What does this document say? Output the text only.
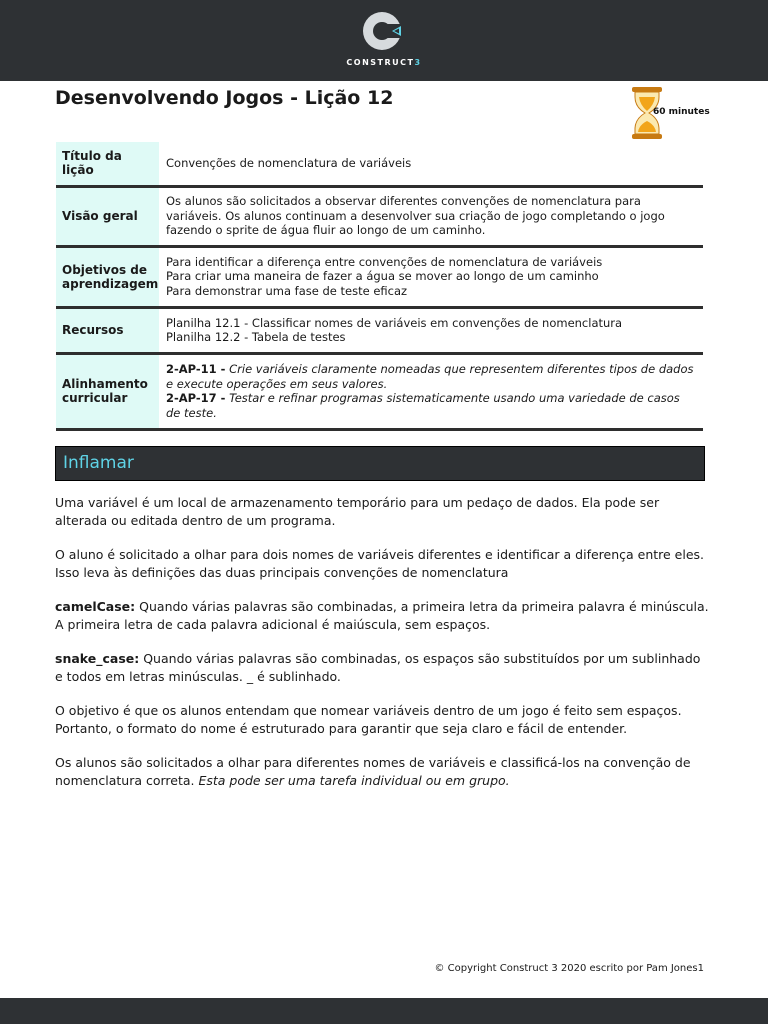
CONSTRUCT3
Desenvolvendo Jogos - Lição 12
60 minutes
Título da lição	Convenções de nomenclatura de variáveis

Visão geral	Os alunos são solicitados a observar diferentes convenções de nomenclatura para variáveis. Os alunos continuam a desenvolver sua criação de jogo completando o jogo fazendo o sprite de água fluir ao longo de um caminho.

Objetivos de aprendizagem	Para identificar a diferença entre convenções de nomenclatura de variáveis
Para criar uma maneira de fazer a água se mover ao longo de um caminho
Para demonstrar uma fase de teste eficaz

Recursos	Planilha 12.1 - Classificar nomes de variáveis em convenções de nomenclatura
Planilha 12.2 - Tabela de testes

Alinhamento curricular	2-AP-11 - Crie variáveis claramente nomeadas que representem diferentes tipos de dados e execute operações em seus valores.
2-AP-17 - Testar e refinar programas sistematicamente usando uma variedade de casos de teste.
Inflamar

Uma variável é um local de armazenamento temporário para um pedaço de dados. Ela pode ser alterada ou editada dentro de um programa.

O aluno é solicitado a olhar para dois nomes de variáveis diferentes e identificar a diferença entre eles. Isso leva às definições das duas principais convenções de nomenclatura

camelCase: Quando várias palavras são combinadas, a primeira letra da primeira palavra é minúscula. A primeira letra de cada palavra adicional é maiúscula, sem espaços.

snake_case: Quando várias palavras são combinadas, os espaços são substituídos por um sublinhado e todos em letras minúsculas. _ é sublinhado.

O objetivo é que os alunos entendam que nomear variáveis dentro de um jogo é feito sem espaços. Portanto, o formato do nome é estruturado para garantir que seja claro e fácil de entender.

Os alunos são solicitados a olhar para diferentes nomes de variáveis e classificá-los na convenção de nomenclatura correta. Esta pode ser uma tarefa individual ou em grupo.

© Copyright Construct 3 2020 escrito por Pam Jones1
